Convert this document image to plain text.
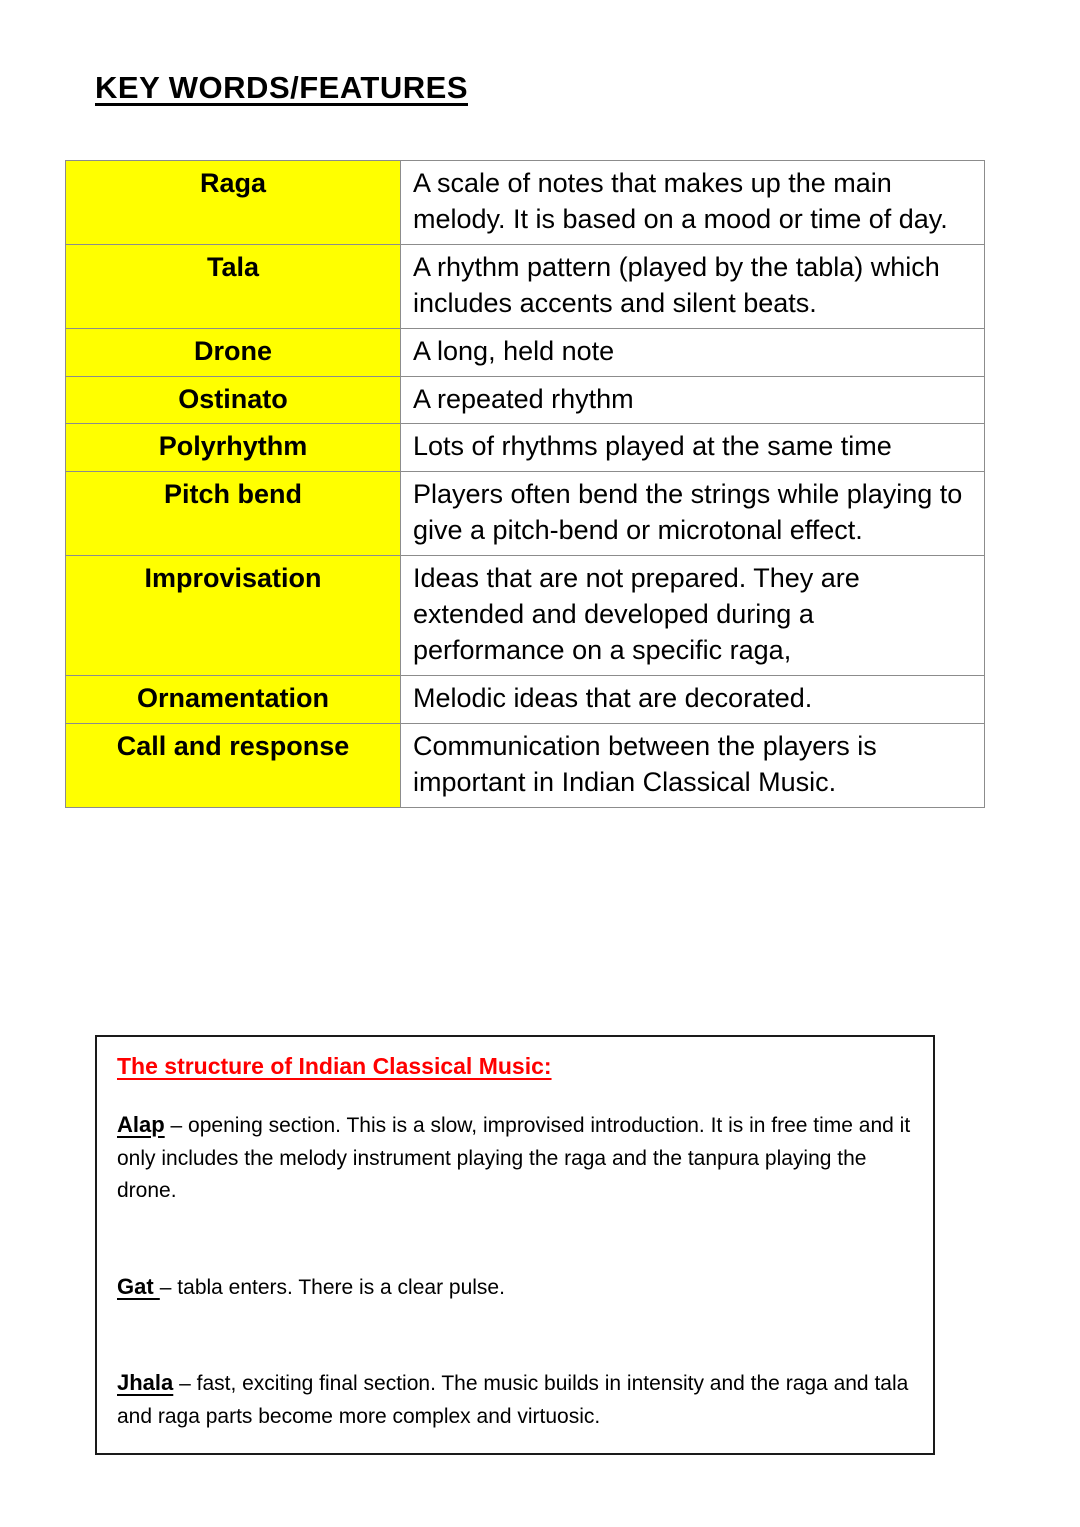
KEY WORDS/FEATURES
Raga	A scale of notes that makes up the main melody. It is based on a mood or time of day.
Tala	A rhythm pattern (played by the tabla) which includes accents and silent beats.
Drone	A long, held note
Ostinato	A repeated rhythm
Polyrhythm	Lots of rhythms played at the same time
Pitch bend	Players often bend the strings while playing to give a pitch-bend or microtonal effect.
Improvisation	Ideas that are not prepared. They are extended and developed during a performance on a specific raga,
Ornamentation	Melodic ideas that are decorated.
Call and response	Communication between the players is important in Indian Classical Music.
The structure of Indian Classical Music:

Alap – opening section. This is a slow, improvised introduction. It is in free time and it only includes the melody instrument playing the raga and the tanpura playing the drone.

Gat – tabla enters. There is a clear pulse.

Jhala – fast, exciting final section. The music builds in intensity and the raga and tala and raga parts become more complex and virtuosic.
